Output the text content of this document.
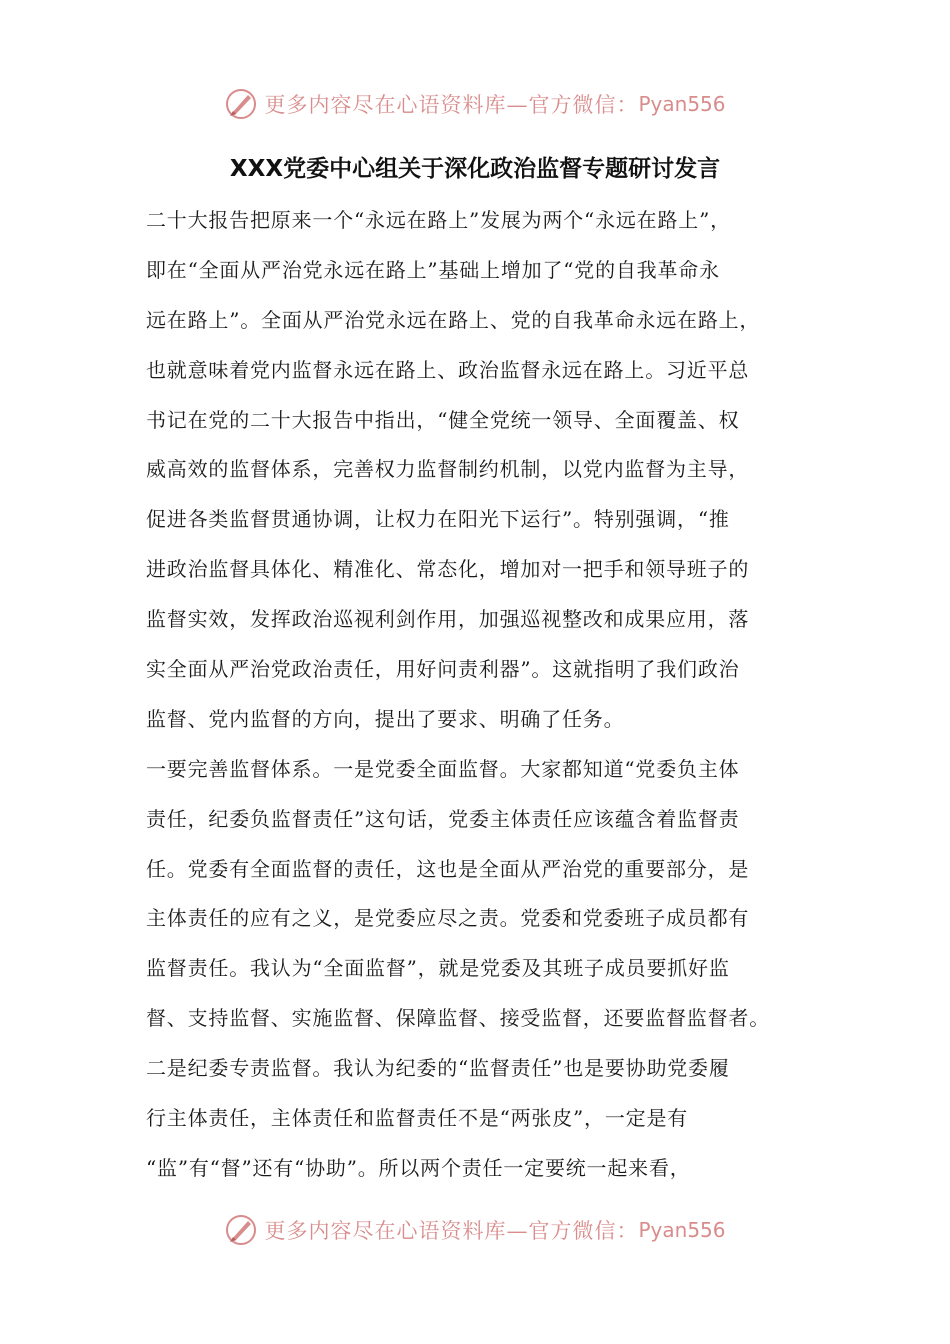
更多内容尽在心语资料库—官方微信： Pyan556
XXX党委中心组关于深化政治监督专题研讨发言
二十大报告把原来一个“永远在路上”发展为两个“永远在路上”，
即在“全面从严治党永远在路上”基础上增加了“党的自我革命永
远在路上”。全面从严治党永远在路上、党的自我革命永远在路上，
也就意味着党内监督永远在路上、政治监督永远在路上。习近平总
书记在党的二十大报告中指出，“健全党统一领导、全面覆盖、权
威高效的监督体系，完善权力监督制约机制，以党内监督为主导，
促进各类监督贯通协调，让权力在阳光下运行”。特别强调，“推
进政治监督具体化、精准化、常态化，增加对一把手和领导班子的
监督实效，发挥政治巡视利剑作用，加强巡视整改和成果应用，落
实全面从严治党政治责任，用好问责利器”。这就指明了我们政治
监督、党内监督的方向，提出了要求、明确了任务。
一要完善监督体系。一是党委全面监督。大家都知道“党委负主体
责任，纪委负监督责任”这句话，党委主体责任应该蕴含着监督责
任。党委有全面监督的责任，这也是全面从严治党的重要部分，是
主体责任的应有之义，是党委应尽之责。党委和党委班子成员都有
监督责任。我认为“全面监督”，就是党委及其班子成员要抓好监
督、支持监督、实施监督、保障监督、接受监督，还要监督监督者。
二是纪委专责监督。我认为纪委的“监督责任”也是要协助党委履
行主体责任，主体责任和监督责任不是“两张皮”，一定是有
“监”有“督”还有“协助”。所以两个责任一定要统一起来看，
更多内容尽在心语资料库—官方微信： Pyan556
